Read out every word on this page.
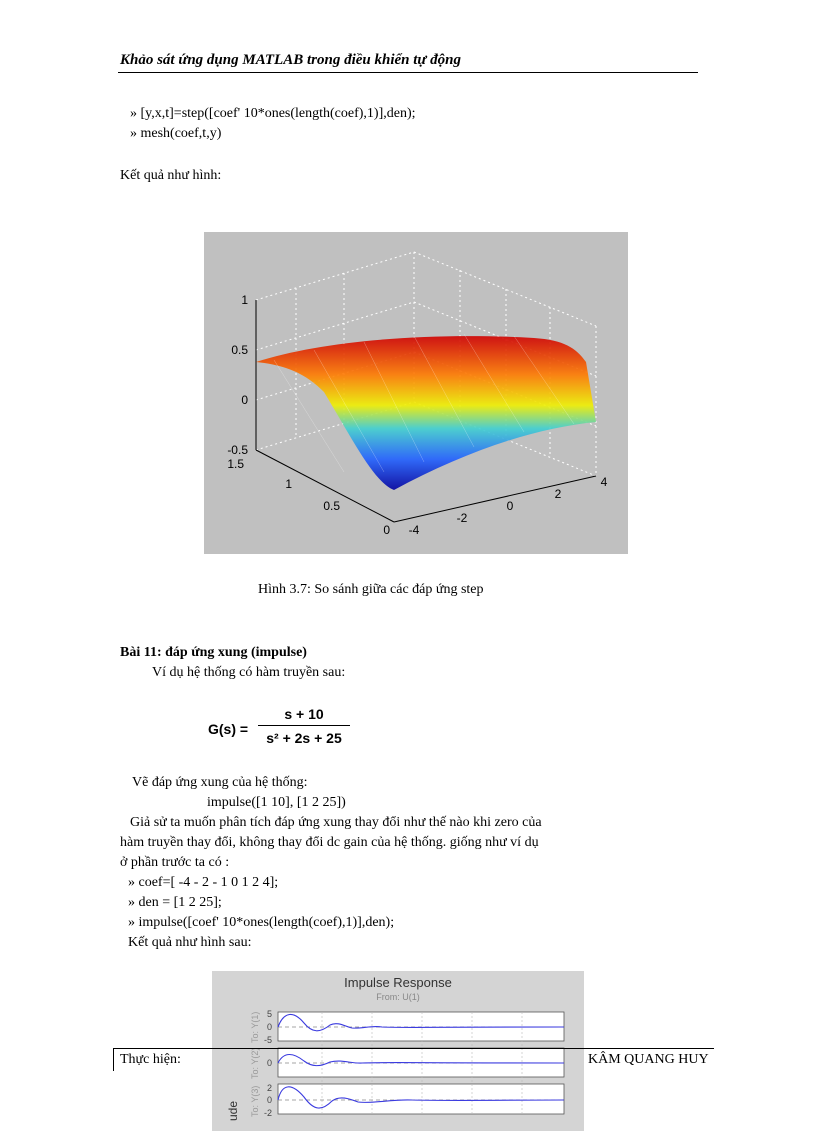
Khảo sát ứng dụng MATLAB trong điều khiển tự động
» [y,x,t]=step([coef' 10*ones(length(coef),1)],den);
» mesh(coef,t,y)
Kết quả như hình:
1
0.5
0
-0.5
1.5
1
0.5
0 -4
-2
0
2
4
Hình 3.7: So sánh giữa các đáp ứng step
Bài 11: đáp ứng xung (impulse)
Ví dụ hệ thống có hàm truyền sau:
G(s) =
s + 10
s² + 2s + 25
Vẽ đáp ứng xung của hệ thống:
impulse([1 10], [1 2 25])
Giả sử ta muốn phân tích đáp ứng xung thay đổi như thế nào khi zero của
hàm truyền thay đổi, không thay đổi dc gain của hệ thống. giống như ví dụ
ở phần trước ta có :
» coef=[ -4 - 2 - 1 0 1 2 4];
» den = [1 2 25];
» impulse([coef' 10*ones(length(coef),1)],den);
Kết quả như hình sau:
Impulse Response
From: U(1)
5
0
-5
0
2
0
-2
To: Y(1)
To: Y(2)
To: Y(3)
ude
Thực hiện:	KÂM QUANG HUY
